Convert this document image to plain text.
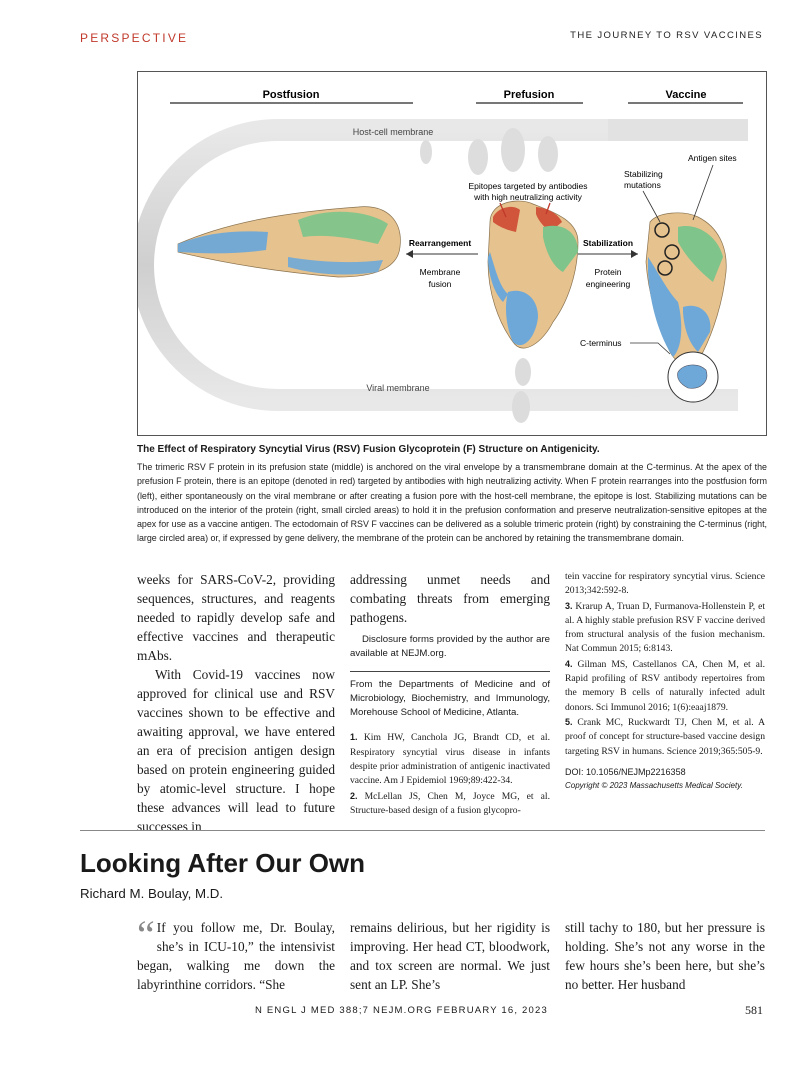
PERSPECTIVE	THE JOURNEY TO RSV VACCINES
Postfusion	Prefusion	Vaccine
Host-cell membrane
Viral membrane
Epitopes targeted by antibodies
with high neutralizing activity
Antigen sites
Stabilizing
mutations
Rearrangement
Membrane
fusion
Stabilization
Protein
engineering
C-terminus
The Effect of Respiratory Syncytial Virus (RSV) Fusion Glycoprotein (F) Structure on Antigenicity.
The trimeric RSV F protein in its prefusion state (middle) is anchored on the viral envelope by a transmembrane domain at the C-terminus. At the apex of the prefusion F protein, there is an epitope (denoted in red) targeted by antibodies with high neutralizing activity. When F protein rearranges into the postfusion form (left), either spontaneously on the viral membrane or after creating a fusion pore with the host-cell membrane, the epitope is lost. Stabilizing mutations can be introduced on the interior of the protein (right, small circled areas) to hold it in the prefusion conformation and preserve neutralization-sensitive epitopes at the apex for use as a vaccine antigen. The ectodomain of RSV F vaccines can be delivered as a soluble trimeric protein (right) by constraining the C-terminus (right, large circled area) or, if expressed by gene delivery, the membrane of the protein can be anchored by retaining the transmembrane domain.

weeks for SARS-CoV-2, providing sequences, structures, and reagents needed to rapidly develop safe and effective vaccines and therapeutic mAbs.

With Covid-19 vaccines now approved for clinical use and RSV vaccines shown to be effective and awaiting approval, we have entered an era of precision antigen design based on protein engineering guided by atomic-level structure. I hope these advances will lead to future successes in

addressing unmet needs and combating threats from emerging pathogens.

Disclosure forms provided by the author are available at NEJM.org.

From the Departments of Medicine and of Microbiology, Biochemistry, and Immunology, Morehouse School of Medicine, Atlanta.

1. Kim HW, Canchola JG, Brandt CD, et al. Respiratory syncytial virus disease in infants despite prior administration of antigenic inactivated vaccine. Am J Epidemiol 1969;89:422-34.

2. McLellan JS, Chen M, Joyce MG, et al. Structure-based design of a fusion glycopro-

tein vaccine for respiratory syncytial virus. Science 2013;342:592-8.

3. Krarup A, Truan D, Furmanova-Hollenstein P, et al. A highly stable prefusion RSV F vaccine derived from structural analysis of the fusion mechanism. Nat Commun 2015; 6:8143.

4. Gilman MS, Castellanos CA, Chen M, et al. Rapid profiling of RSV antibody repertoires from the memory B cells of naturally infected adult donors. Sci Immunol 2016; 1(6):eaaj1879.

5. Crank MC, Ruckwardt TJ, Chen M, et al. A proof of concept for structure-based vaccine design targeting RSV in humans. Science 2019;365:505-9.

DOI: 10.1056/NEJMp2216358
Copyright © 2023 Massachusetts Medical Society.
Looking After Our Own
Richard M. Boulay, M.D.
“ If you follow me, Dr. Boulay, she’s in ICU-10,” the intensivist began, walking me down the labyrinthine corridors. “She
remains delirious, but her rigidity is improving. Her head CT, bloodwork, and tox screen are normal. We just sent an LP. She’s
still tachy to 180, but her pressure is holding. She’s not any worse in the few hours she’s been here, but she’s no better. Her husband
N ENGL J MED 388;7 NEJM.ORG FEBRUARY 16, 2023	581
